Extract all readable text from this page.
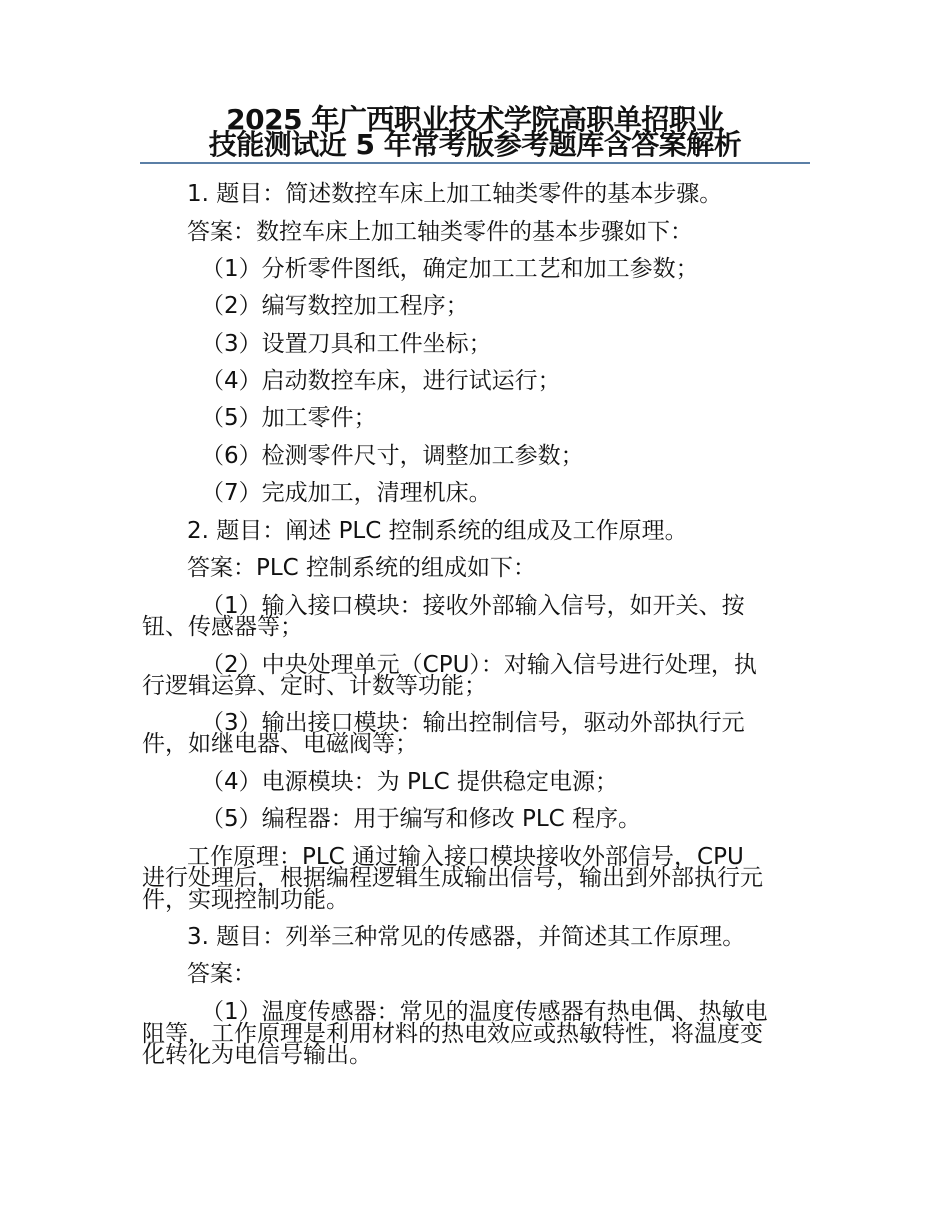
2025 年广西职业技术学院高职单招职业
技能测试近 5 年常考版参考题库含答案解析
1. 题目：简述数控车床上加工轴类零件的基本步骤。
答案：数控车床上加工轴类零件的基本步骤如下：
（1）分析零件图纸，确定加工工艺和加工参数；
（2）编写数控加工程序；
（3）设置刀具和工件坐标；
（4）启动数控车床，进行试运行；
（5）加工零件；
（6）检测零件尺寸，调整加工参数；
（7）完成加工，清理机床。
2. 题目：阐述 PLC 控制系统的组成及工作原理。
答案：PLC 控制系统的组成如下：
（1）输入接口模块：接收外部输入信号，如开关、按
钮、传感器等；
（2）中央处理单元（CPU）：对输入信号进行处理，执
行逻辑运算、定时、计数等功能；
（3）输出接口模块：输出控制信号，驱动外部执行元
件，如继电器、电磁阀等；
（4）电源模块：为 PLC 提供稳定电源；
（5）编程器：用于编写和修改 PLC 程序。
工作原理：PLC 通过输入接口模块接收外部信号，CPU
进行处理后，根据编程逻辑生成输出信号，输出到外部执行元
件，实现控制功能。
3. 题目：列举三种常见的传感器，并简述其工作原理。
答案：
（1）温度传感器：常见的温度传感器有热电偶、热敏电
阻等，工作原理是利用材料的热电效应或热敏特性，将温度变
化转化为电信号输出。
